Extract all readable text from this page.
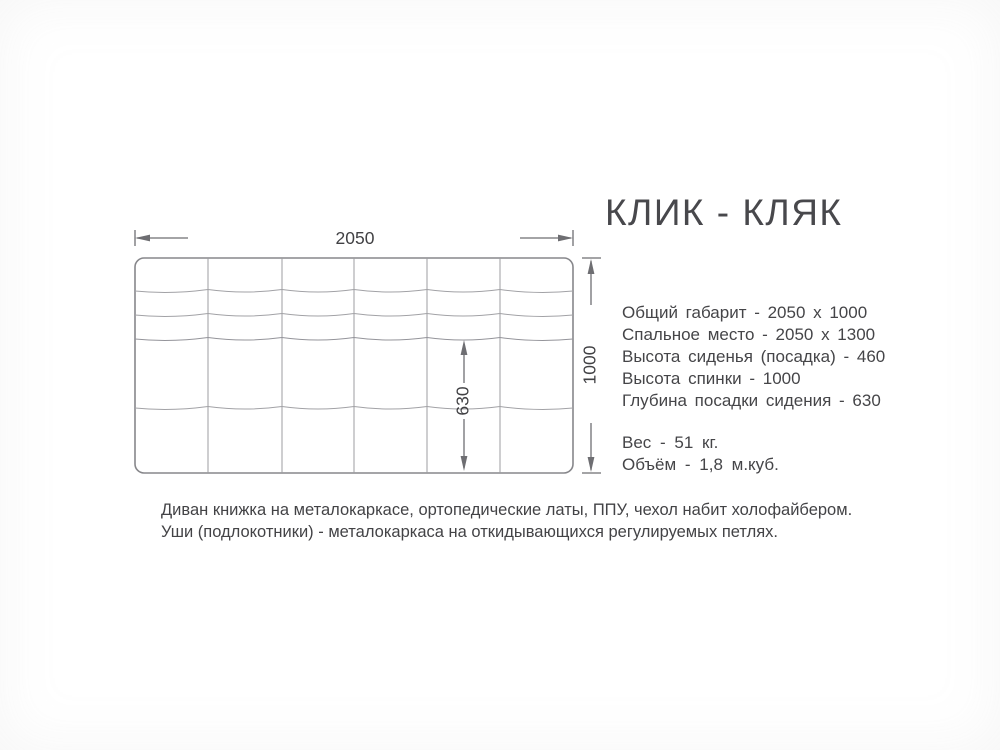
КЛИК - КЛЯК
2050
1000
630
Общий габарит - 2050 x 1000
Спальное место - 2050 x 1300
Высота сиденья (посадка) - 460
Высота спинки - 1000
Глубина посадки сидения - 630
Вес - 51 кг.
Объём - 1,8 м.куб.
Диван книжка на металокаркасе, ортопедические латы, ППУ, чехол набит холофайбером.
Уши (подлокотники) - металокаркаса на откидывающихся регулируемых петлях.
